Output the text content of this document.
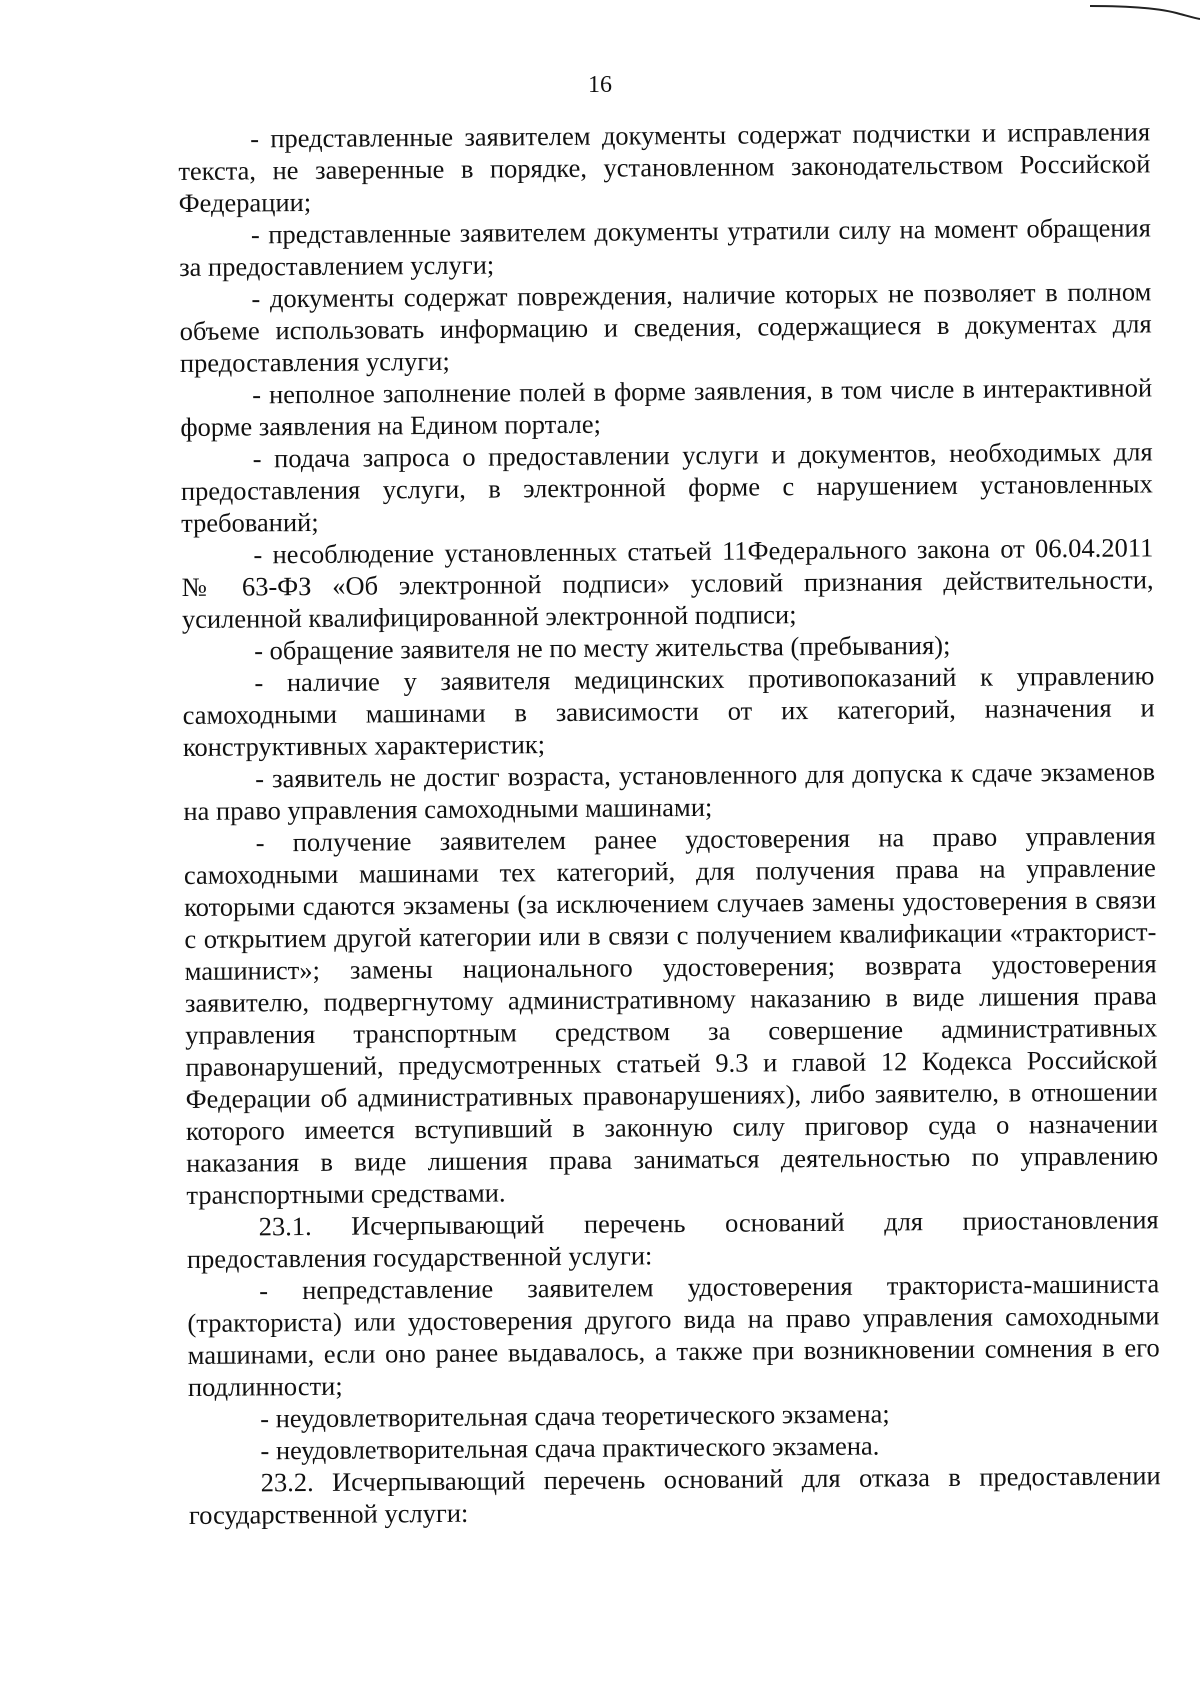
16

- представленные заявителем документы содержат подчистки и исправления текста, не заверенные в порядке, установленном законодательством Российской Федерации;

- представленные заявителем документы утратили силу на момент обращения за предоставлением услуги;

- документы содержат повреждения, наличие которых не позволяет в полном объеме использовать информацию и сведения, содержащиеся в документах для предоставления услуги;

- неполное заполнение полей в форме заявления, в том числе в интерактивной форме заявления на Едином портале;

- подача запроса о предоставлении услуги и документов, необходимых для предоставления услуги, в электронной форме с нарушением установленных требований;

- несоблюдение установленных статьей 11Федерального закона от 06.04.2011 № 63-ФЗ «Об электронной подписи» условий признания действительности, усиленной квалифицированной электронной подписи;

- обращение заявителя не по месту жительства (пребывания);

- наличие у заявителя медицинских противопоказаний к управлению самоходными машинами в зависимости от их категорий, назначения и конструктивных характеристик;

- заявитель не достиг возраста, установленного для допуска к сдаче экзаменов на право управления самоходными машинами;

- получение заявителем ранее удостоверения на право управления самоходными машинами тех категорий, для получения права на управление которыми сдаются экзамены (за исключением случаев замены удостоверения в связи с открытием другой категории или в связи с получением квалификации «тракторист-машинист»; замены национального удостоверения; возврата удостоверения заявителю, подвергнутому административному наказанию в виде лишения права управления транспортным средством за совершение административных правонарушений, предусмотренных статьей 9.3 и главой 12 Кодекса Российской Федерации об административных правонарушениях), либо заявителю, в отношении которого имеется вступивший в законную силу приговор суда о назначении наказания в виде лишения права заниматься деятельностью по управлению транспортными средствами.

23.1. Исчерпывающий перечень оснований для приостановления предоставления государственной услуги:

- непредставление заявителем удостоверения тракториста-машиниста (тракториста) или удостоверения другого вида на право управления самоходными машинами, если оно ранее выдавалось, а также при возникновении сомнения в его подлинности;

- неудовлетворительная сдача теоретического экзамена;

- неудовлетворительная сдача практического экзамена.

23.2. Исчерпывающий перечень оснований для отказа в предоставлении государственной услуги:
